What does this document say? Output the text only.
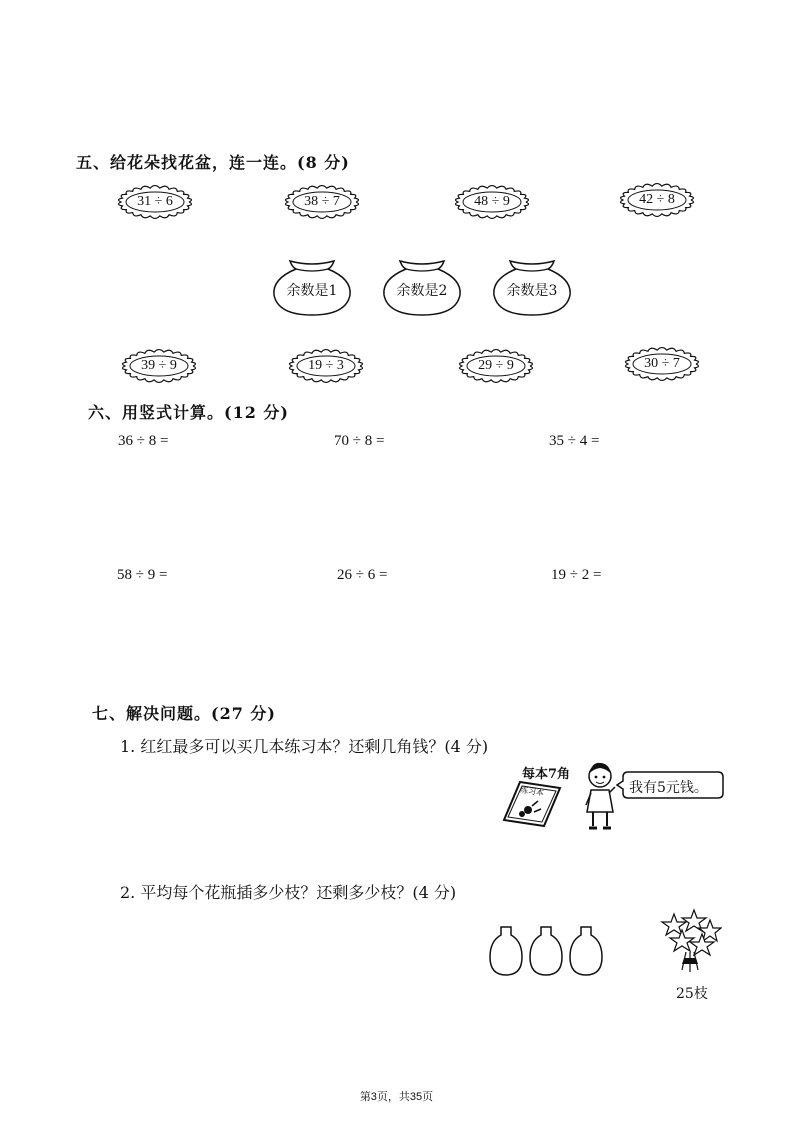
五、给花朵找花盆，连一连。(8 分)
31 ÷ 6	38 ÷ 7	48 ÷ 9	42 ÷ 8
余数是1	余数是2	余数是3
39 ÷ 9	19 ÷ 3	29 ÷ 9	30 ÷ 7
六、用竖式计算。(12 分)
36 ÷ 8 =	70 ÷ 8 =	35 ÷ 4 =
58 ÷ 9 =	26 ÷ 6 =	19 ÷ 2 =
七、解决问题。(27 分)
1. 红红最多可以买几本练习本？还剩几角钱？(4 分)
每本7角
练习本	我有5元钱。
2. 平均每个花瓶插多少枝？还剩多少枝？(4 分)
25枝
第3页，共35页
